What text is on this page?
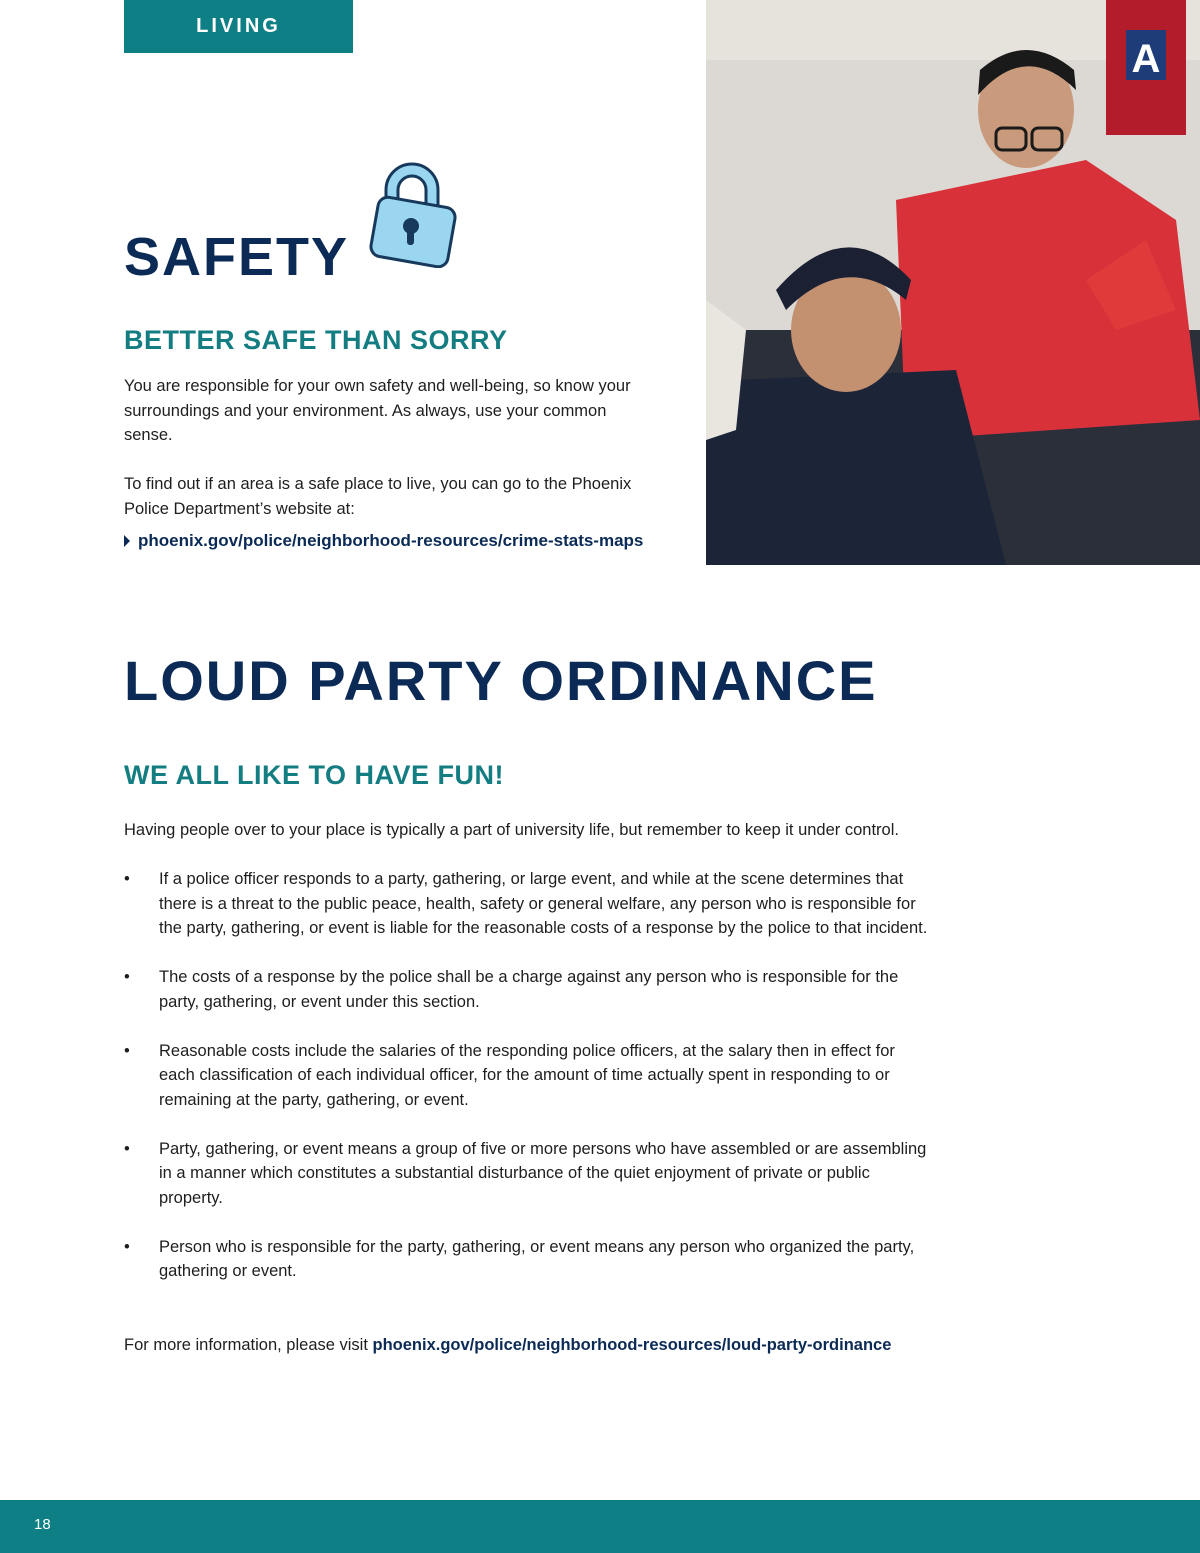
LIVING
SAFETY
BETTER SAFE THAN SORRY

You are responsible for your own safety and well-being, so know your surroundings and your environment. As always, use your common sense.

To find out if an area is a safe place to live, you can go to the Phoenix Police Department’s website at:

phoenix.gov/police/neighborhood-resources/crime-stats-maps
A
LOUD PARTY ORDINANCE
WE ALL LIKE TO HAVE FUN!

Having people over to your place is typically a part of university life, but remember to keep it under control.

• If a police officer responds to a party, gathering, or large event, and while at the scene determines that there is a threat to the public peace, health, safety or general welfare, any person who is responsible for the party, gathering, or event is liable for the reasonable costs of a response by the police to that incident.
• The costs of a response by the police shall be a charge against any person who is responsible for the party, gathering, or event under this section.
• Reasonable costs include the salaries of the responding police officers, at the salary then in effect for each classification of each individual officer, for the amount of time actually spent in responding to or remaining at the party, gathering, or event.
• Party, gathering, or event means a group of five or more persons who have assembled or are assembling in a manner which constitutes a substantial disturbance of the quiet enjoyment of private or public property.
• Person who is responsible for the party, gathering, or event means any person who organized the party, gathering or event.
For more information, please visit phoenix.gov/police/neighborhood-resources/loud-party-ordinance
18
